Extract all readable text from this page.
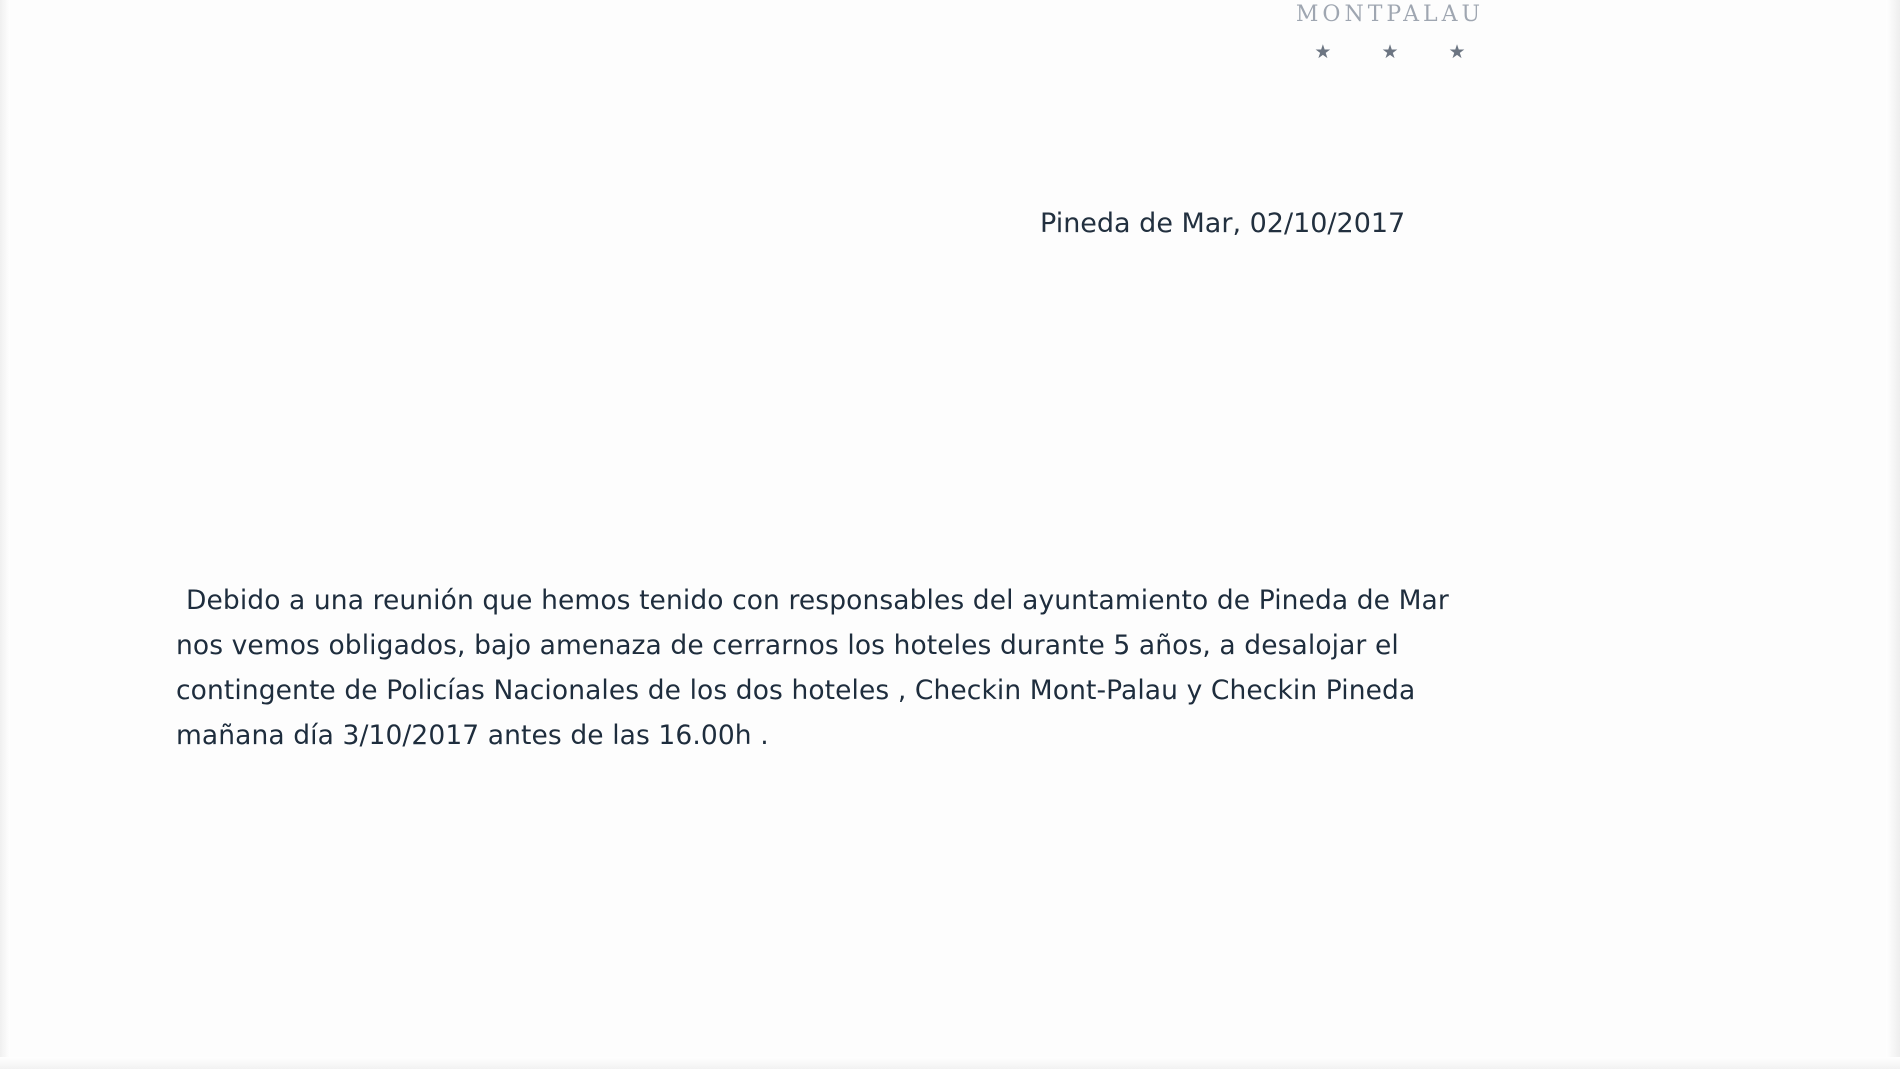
MONTPALAU
★ ★ ★
Pineda de Mar, 02/10/2017
Debido a una reunión que hemos tenido con responsables del ayuntamiento de Pineda de Mar
nos vemos obligados, bajo amenaza de cerrarnos los hoteles durante 5 años, a desalojar el
contingente de Policías Nacionales de los dos hoteles , Checkin Mont-Palau y Checkin Pineda
mañana día 3/10/2017 antes de las 16.00h .
